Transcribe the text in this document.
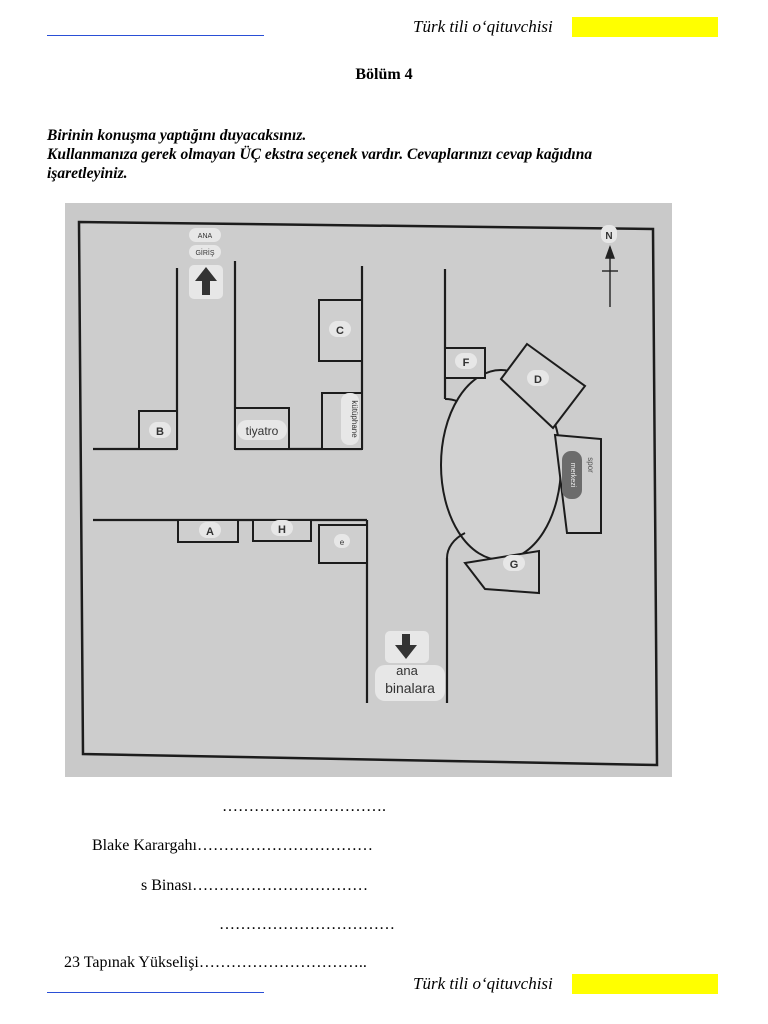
Türk tili o‘qituvchisi
Bölüm 4
Birinin konuşma yaptığını duyacaksınız.
Kullanmanıza gerek olmayan ÜÇ ekstra seçenek vardır. Cevaplarınızı cevap kağıdına
işaretleyiniz.
ANA
GİRİŞ
B	tiyatro
C
kütüphane
F
D
spor
merkezi
G
A	H
e
N
ana
binalara
………………………….
Blake Karargahı……………………………
s Binası……………………………
……………………………
23 Tapınak Yükselişi…………………………..
Türk tili o‘qituvchisi
